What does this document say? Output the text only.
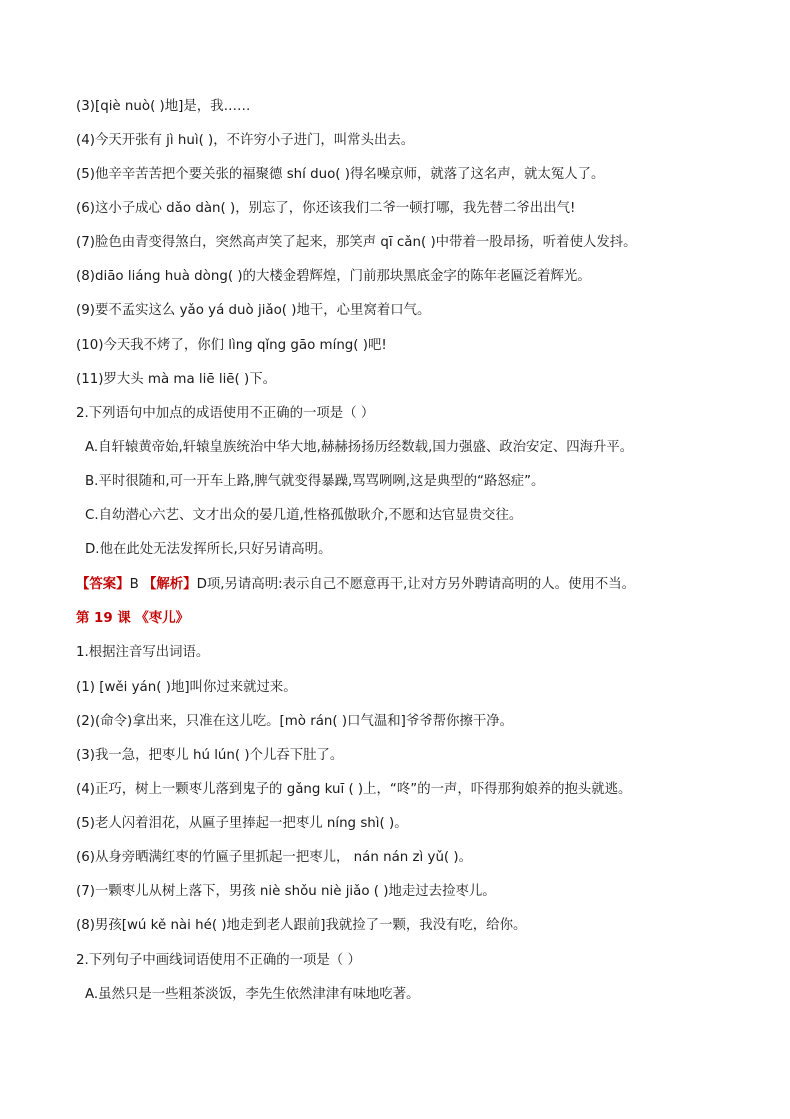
(3)[qiè nuò( )地]是，我……
(4)今天开张有 jì huì( )，不许穷小子进门，叫常头出去。
(5)他辛辛苦苦把个要关张的福聚德 shí duo( )得名噪京师，就落了这名声，就太冤人了。
(6)这小子成心 dǎo dàn( )，别忘了，你还该我们二爷一顿打哪，我先替二爷出出气!
(7)脸色由青变得煞白，突然高声笑了起来，那笑声 qī cǎn( )中带着一股昂扬，听着使人发抖。
(8)diāo liáng huà dòng( )的大楼金碧辉煌，门前那块黑底金字的陈年老匾泛着辉光。
(9)要不孟实这么 yǎo yá duò jiǎo( )地干，心里窝着口气。
(10)今天我不烤了，你们 lìng qǐng gāo míng( )吧!
(11)罗大头 mà ma liē liē( )下。
2.下列语句中加点的成语使用不正确的一项是（ ）
A.自轩辕黄帝始,轩辕皇族统治中华大地,赫赫扬扬历经数载,国力强盛、政治安定、四海升平。
B.平时很随和,可一开车上路,脾气就变得暴躁,骂骂咧咧,这是典型的“路怒症”。
C.自幼潜心六艺、文才出众的晏几道,性格孤傲耿介,不愿和达官显贵交往。
D.他在此处无法发挥所长,只好另请高明。
【答案】B 【解析】D项,另请高明:表示自己不愿意再干,让对方另外聘请高明的人。使用不当。
第 19 课 《枣儿》
1.根据注音写出词语。
(1) [wěi yán( )地]叫你过来就过来。
(2)(命令)拿出来，只准在这儿吃。[mò rán( )口气温和]爷爷帮你擦干净。
(3)我一急，把枣儿 hú lún( )个儿吞下肚了。
(4)正巧，树上一颗枣儿落到鬼子的 gǎng kuī ( )上，“咚”的一声，吓得那狗娘养的抱头就逃。
(5)老人闪着泪花，从匾子里捧起一把枣儿 níng shì( )。
(6)从身旁晒满红枣的竹匾子里抓起一把枣儿， nán nán zì yǔ( )。
(7)一颗枣儿从树上落下，男孩 niè shǒu niè jiǎo ( )地走过去捡枣儿。
(8)男孩[wú kě nài hé( )地走到老人跟前]我就捡了一颗，我没有吃，给你。
2.下列句子中画线词语使用不正确的一项是（ ）
A.虽然只是一些粗茶淡饭，李先生依然津津有味地吃著。
